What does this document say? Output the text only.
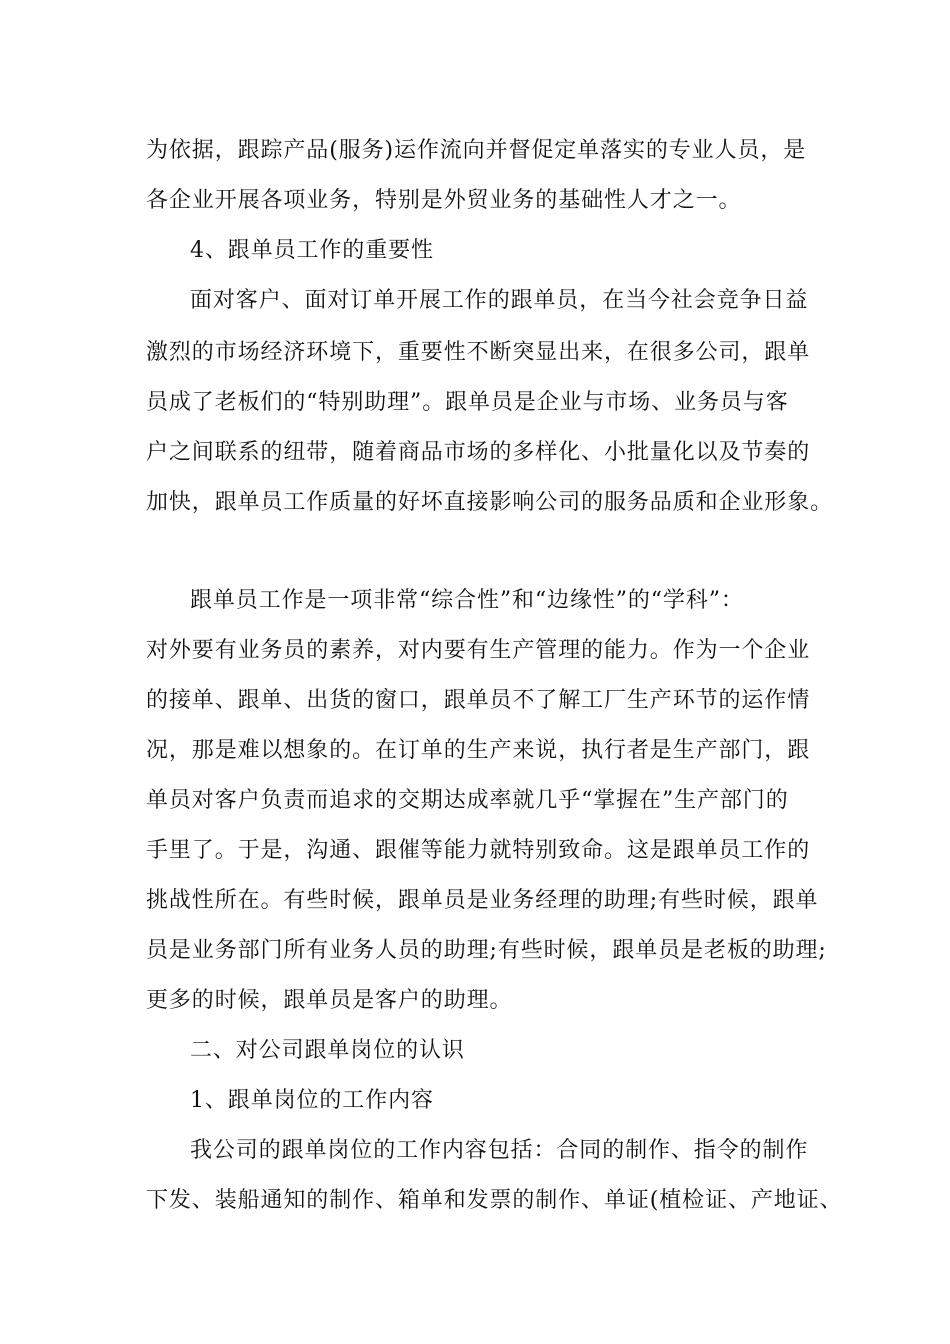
为依据，跟踪产品(服务)运作流向并督促定单落实的专业人员，是
各企业开展各项业务，特别是外贸业务的基础性人才之一。
4、跟单员工作的重要性
面对客户、面对订单开展工作的跟单员，在当今社会竞争日益
激烈的市场经济环境下，重要性不断突显出来，在很多公司，跟单
员成了老板们的“特别助理”。跟单员是企业与市场、业务员与客
户之间联系的纽带，随着商品市场的多样化、小批量化以及节奏的
加快，跟单员工作质量的好坏直接影响公司的服务品质和企业形象。
跟单员工作是一项非常“综合性”和“边缘性”的“学科”：
对外要有业务员的素养，对内要有生产管理的能力。作为一个企业
的接单、跟单、出货的窗口，跟单员不了解工厂生产环节的运作情
况，那是难以想象的。在订单的生产来说，执行者是生产部门，跟
单员对客户负责而追求的交期达成率就几乎“掌握在”生产部门的
手里了。于是，沟通、跟催等能力就特别致命。这是跟单员工作的
挑战性所在。有些时候，跟单员是业务经理的助理;有些时候，跟单
员是业务部门所有业务人员的助理;有些时候，跟单员是老板的助理;
更多的时候，跟单员是客户的助理。
二、对公司跟单岗位的认识
1、跟单岗位的工作内容
我公司的跟单岗位的工作内容包括：合同的制作、指令的制作
下发、装船通知的制作、箱单和发票的制作、单证(植检证、产地证、
